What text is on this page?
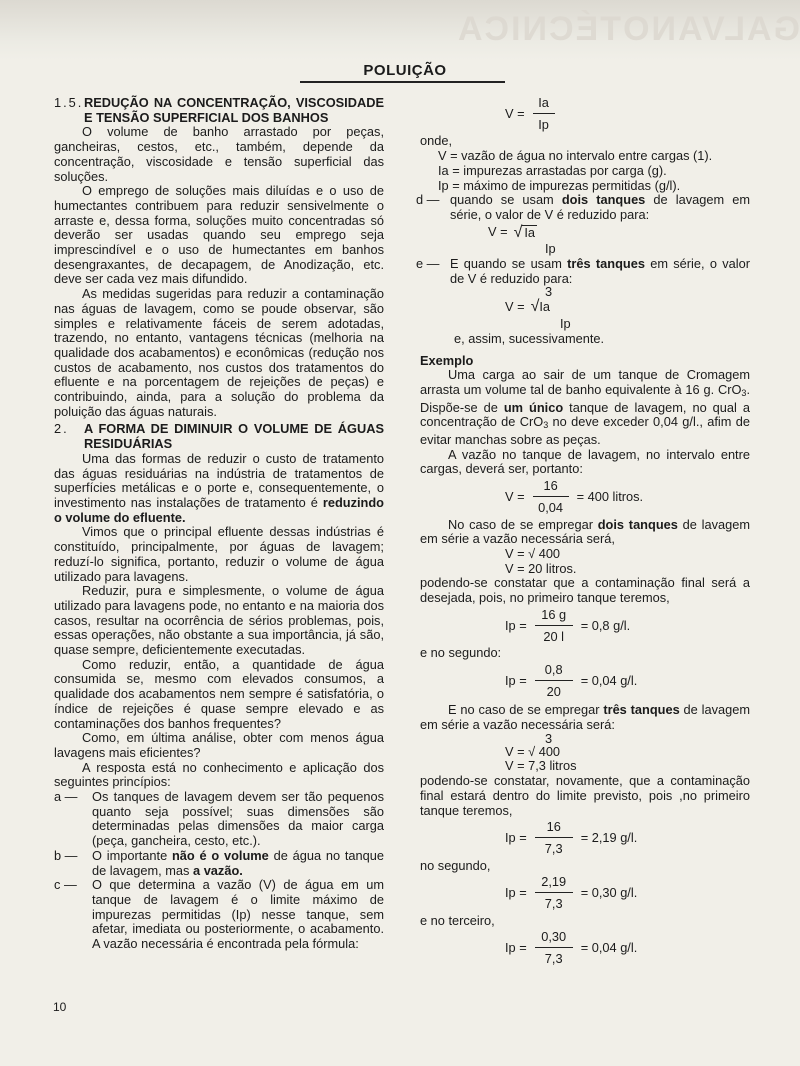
GALVANOTÉCNICA
POLUIÇÃO
1.5. REDUÇÃO NA CONCENTRAÇÃO, VISCOSIDADE E TENSÃO SUPERFICIAL DOS BANHOS

O volume de banho arrastado por peças, gancheiras, cestos, etc., também, depende da concentração, viscosidade e tensão superficial das soluções.

O emprego de soluções mais diluídas e o uso de humectantes contribuem para reduzir sensivelmente o arraste e, dessa forma, soluções muito concentradas só deverão ser usadas quando seu emprego seja imprescindível e o uso de humectantes em banhos desengraxantes, de decapagem, de Anodização, etc. deve ser cada vez mais difundido.

As medidas sugeridas para reduzir a contaminação nas águas de lavagem, como se poude observar, são simples e relativamente fáceis de serem adotadas, trazendo, no entanto, vantagens técnicas (melhoria na qualidade dos acabamentos) e econômicas (redução nos custos de acabamento, nos custos dos tratamentos do efluente e na porcentagem de rejeições de peças) e contribuindo, ainda, para a solução do problema da poluição das águas naturais.

2.	A FORMA DE DIMINUIR O VOLUME DE ÁGUAS RESIDUÁRIAS

Uma das formas de reduzir o custo de tratamento das águas residuárias na indústria de tratamentos de superfícies metálicas e o porte e, consequentemente, o investimento nas instalações de tratamento é reduzindo o volume do efluente.

Vimos que o principal efluente dessas indústrias é constituído, principalmente, por águas de lavagem; reduzí-lo significa, portanto, reduzir o volume de água utilizado para lavagens.

Reduzir, pura e simplesmente, o volume de água utilizado para lavagens pode, no entanto e na maioria dos casos, resultar na ocorrência de sérios problemas, pois, essas operações, não obstante a sua importância, já são, quase sempre, deficientemente executadas.

Como reduzir, então, a quantidade de água consumida se, mesmo com elevados consumos, a qualidade dos acabamentos nem sempre é satisfatória, o índice de rejeições é quase sempre elevado e as contaminações dos banhos frequentes?

Como, em última análise, obter com menos água lavagens mais eficientes?

A resposta está no conhecimento e aplicação dos seguintes princípios:

a —	Os tanques de lavagem devem ser tão pequenos quanto seja possível; suas dimensões são determinadas pelas dimensões da maior carga (peça, gancheira, cesto, etc.).
b —	O importante não é o volume de água no tanque de lavagem, mas a vazão.
c —	O que determina a vazão (V) de água em um tanque de lavagem é o limite máximo de impurezas permitidas (Ip) nesse tanque, sem afetar, imediata ou posteriormente, o acabamento. A vazão necessária é encontrada pela fórmula:
10
$V = \frac{Ia}{Ip}$

onde,

V = vazão de água no intervalo entre cargas (1).

Ia = impurezas arrastadas por carga (g).

Ip = máximo de impurezas permitidas (g/l).

d — quando se usam dois tanques de lavagem em série, o valor de V é reduzido para:
V = √ Ia
Ip
e — E quando se usam três tanques em série, o valor de V é reduzido para:
3
V = √ Ia
Ip

e, assim, sucessivamente.

Exemplo

Uma carga ao sair de um tanque de Cromagem arrasta um volume tal de banho equivalente à 16 g. CrO$_3$. Dispõe-se de um único tanque de lavagem, no qual a concentração de CrO$_3$ no deve exceder 0,04 g/l., afim de evitar manchas sobre as peças.

A vazão no tanque de lavagem, no intervalo entre cargas, deverá ser, portanto:

$V = \frac{16}{0,04} = 400$ litros.

No caso de se empregar dois tanques de lavagem em série a vazão necessária será,

V = √ 400

V = 20 litros.

podendo-se constatar que a contaminação final será a desejada, pois, no primeiro tanque teremos,

$Ip = \frac{16 g}{20 l} = 0,8$ g/l.

e no segundo:

$Ip = \frac{0,8}{20} = 0,04$ g/l.

E no caso de se empregar três tanques de lavagem em série a vazão necessária será:

3

V = √ 400

V = 7,3 litros

podendo-se constatar, novamente, que a contaminação final estará dentro do limite previsto, pois ,no primeiro tanque teremos,

$Ip = \frac{16}{7,3} = 2,19$ g/l.

no segundo,

$Ip = \frac{2,19}{7,3} = 0,30$ g/l.

e no terceiro,

$Ip = \frac{0,30}{7,3} = 0,04$ g/l.
